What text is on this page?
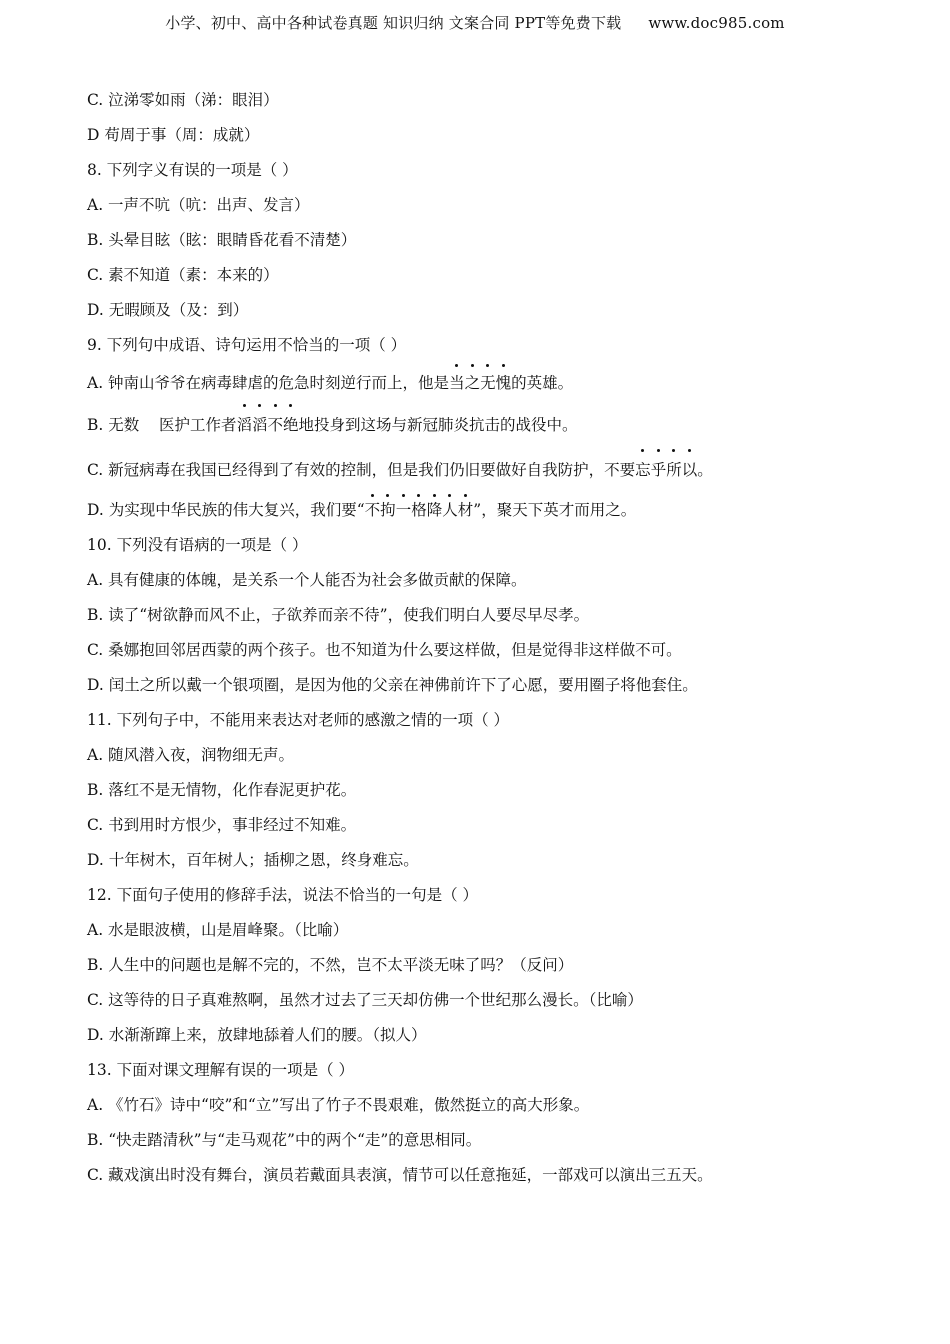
小学、初中、高中各种试卷真题 知识归纳 文案合同 PPT等免费下载 www.doc985.com
C. 泣涕零如雨（涕：眼泪）
D 苟周于事（周：成就）
8. 下列字义有误的一项是（ ）
A. 一声不吭（吭：出声、发言）
B. 头晕目眩（眩：眼睛昏花看不清楚）
C. 素不知道（素：本来的）
D. 无暇顾及（及：到）
9. 下列句中成语、诗句运用不恰当的一项（ ）
A. 钟南山爷爷在病毒肆虐的危急时刻逆行而上，他是当之无愧的英雄。
B. 无数    医护工作者滔滔不绝地投身到这场与新冠肺炎抗击的战役中。
C. 新冠病毒在我国已经得到了有效的控制，但是我们仍旧要做好自我防护，不要忘乎所以。
D. 为实现中华民族的伟大复兴，我们要“不拘一格降人材”，聚天下英才而用之。
10. 下列没有语病的一项是（ ）
A. 具有健康的体魄，是关系一个人能否为社会多做贡献的保障。
B. 读了“树欲静而风不止，子欲养而亲不待”，使我们明白人要尽早尽孝。
C. 桑娜抱回邻居西蒙的两个孩子。也不知道为什么要这样做，但是觉得非这样做不可。
D. 闰土之所以戴一个银项圈，是因为他的父亲在神佛前许下了心愿，要用圈子将他套住。
11. 下列句子中，不能用来表达对老师的感激之情的一项（ ）
A. 随风潜入夜，润物细无声。
B. 落红不是无情物，化作春泥更护花。
C. 书到用时方恨少，事非经过不知难。
D. 十年树木，百年树人；插柳之恩，终身难忘。
12. 下面句子使用的修辞手法，说法不恰当的一句是（ ）
A. 水是眼波横，山是眉峰聚。（比喻）
B. 人生中的问题也是解不完的，不然，岂不太平淡无味了吗？（反问）
C. 这等待的日子真难熬啊，虽然才过去了三天却仿佛一个世纪那么漫长。（比喻）
D. 水渐渐蹿上来，放肆地舔着人们的腰。（拟人）
13. 下面对课文理解有误的一项是（ ）
A. 《竹石》诗中“咬”和“立”写出了竹子不畏艰难，傲然挺立的高大形象。
B. “快走踏清秋”与“走马观花”中的两个“走”的意思相同。
C. 藏戏演出时没有舞台，演员若戴面具表演，情节可以任意拖延，一部戏可以演出三五天。
